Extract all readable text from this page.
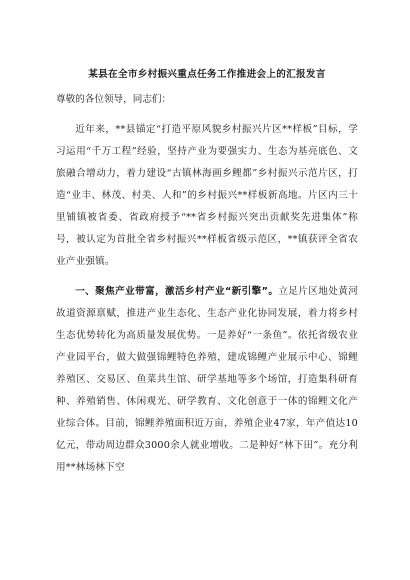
某县在全市乡村振兴重点任务工作推进会上的汇报发言
尊敬的各位领导，同志们：

近年来，**县锚定“打造平原风貌乡村振兴片区**样板”目标，学习运用“千万工程”经验，坚持产业为要强实力、生态为基亮底色、文旅融合增动力，着力建设“古镇林海画乡鲤都”乡村振兴示范片区，打造“业丰、林茂、村美、人和”的乡村振兴**样板新高地。片区内三十里铺镇被省委、省政府授予“**省乡村振兴突出贡献奖先进集体”称号，被认定为首批全省乡村振兴**样板省级示范区，**镇获评全省农业产业强镇。

一、聚焦产业带富，激活乡村产业“新引擎”。立足片区地处黄河故道资源禀赋，推进产业生态化、生态产业化协同发展，着力将乡村生态优势转化为高质量发展优势。一是养好“一条鱼”。依托省级农业产业园平台，做大做强锦鲤特色养殖，建成锦鲤产业展示中心、锦鲤养殖区、交易区、鱼菜共生馆、研学基地等多个场馆，打造集科研育种、养殖销售、休闲观光、研学教育、文化创意于一体的锦鲤文化产业综合体。目前，锦鲤养殖面积近万亩，养殖企业47家，年产值达10亿元，带动周边群众3000余人就业增收。二是种好“林下田”。充分利用**林场林下空
